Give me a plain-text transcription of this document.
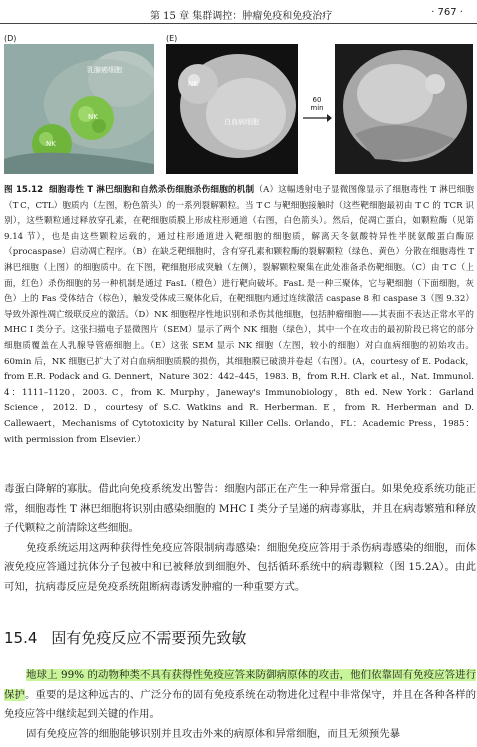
第 15 章 集群调控：肿瘤免疫和免疫治疗	· 767 ·
(D)	(E)
乳腺癌细胞
NK
NK
NK
白血病细胞
60
min
图 15.12 细胞毒性 T 淋巴细胞和自然杀伤细胞杀伤细胞的机制（A）这幅透射电子显微图像显示了细胞毒性 T 淋巴细胞（T C，CTL）胞质内（左图，粉色箭头）的一系列裂解颗粒。当 T C 与靶细胞接触时（这些靶细胞最初由 T C 的 TCR 识别），这些颗粒通过释放穿孔素，在靶细胞质膜上形成柱形通道（右图，白色箭头）。然后，促凋亡蛋白，如颗粒酶（见第 9.14 节），也是由这些颗粒运载的，通过柱形通道进入靶细胞的细胞质，解离天冬氨酸特异性半胱氨酸蛋白酶原（procaspase）启动凋亡程序。（B）在缺乏靶细胞时，含有穿孔素和颗粒酶的裂解颗粒（绿色、黄色）分散在细胞毒性 T 淋巴细胞（上图）的细胞质中。在下图，靶细胞形成突触（左侧），裂解颗粒聚集在此处准备杀伤靶细胞。（C）由 T C（上面，红色）杀伤细胞的另一种机制是通过 FasL（橙色）进行靶向破坏。FasL 是一种三聚体，它与靶细胞（下面细胞，灰色）上的 Fas 受体结合（棕色），触发受体成三聚体化后，在靶细胞内通过连续激活 caspase 8 和 caspase 3（图 9.32）导致外源性凋亡级联反应的激活。（D）NK 细胞程序性地识别和杀伤其他细胞，包括肿瘤细胞——其表面不表达正常水平的 MHC Ⅰ 类分子。这张扫描电子显微图片（SEM）显示了两个 NK 细胞（绿色），其中一个在攻击的最初阶段已将它的部分细胞质覆盖在人乳腺导管癌细胞上。（E）这张 SEM 显示 NK 细胞（左图，较小的细胞）对白血病细胞的初始攻击。60min 后，NK 细胞已扩大了对白血病细胞质膜的损伤，其细胞膜已破溃并卷起（右图）。(A，courtesy of E. Podack，from E.R. Podack and G. Dennert，Nature 302：442–445，1983. B，from R.H. Clark et al.，Nat. Immunol. 4：1111–1120，2003. C，from K. Murphy，Janeway's Immunobiology，8th ed. New York：Garland Science，2012. D，courtesy of S.C. Watkins and R. Herberman. E，from R. Herberman and D. Callewaert，Mechanisms of Cytotoxicity by Natural Killer Cells. Orlando，FL：Academic Press，1985：with permission from Elsevier.）
毒蛋白降解的寡肽。借此向免疫系统发出警告：细胞内部正在产生一种异常蛋白。如果免疫系统功能正常，细胞毒性 T 淋巴细胞将识别由感染细胞的 MHC Ⅰ 类分子呈递的病毒寡肽，并且在病毒繁殖和释放子代颗粒之前清除这些细胞。
免疫系统运用这两种获得性免疫应答限制病毒感染：细胞免疫应答用于杀伤病毒感染的细胞，而体液免疫应答通过抗体分子包被中和已被释放到细胞外、包括循环系统中的病毒颗粒（图 15.2A）。由此可知，抗病毒反应是免疫系统阻断病毒诱发肿瘤的一种重要方式。
15.4 固有免疫反应不需要预先致敏
地球上 99% 的动物种类不具有获得性免疫应答来防御病原体的攻击，他们依靠固有免疫应答进行保护。重要的是这种远古的、广泛分布的固有免疫系统在动物进化过程中非常保守，并且在各种各样的免疫应答中继续起到关键的作用。
固有免疫应答的细胞能够识别并且攻击外来的病原体和异常细胞，而且无须预先暴
